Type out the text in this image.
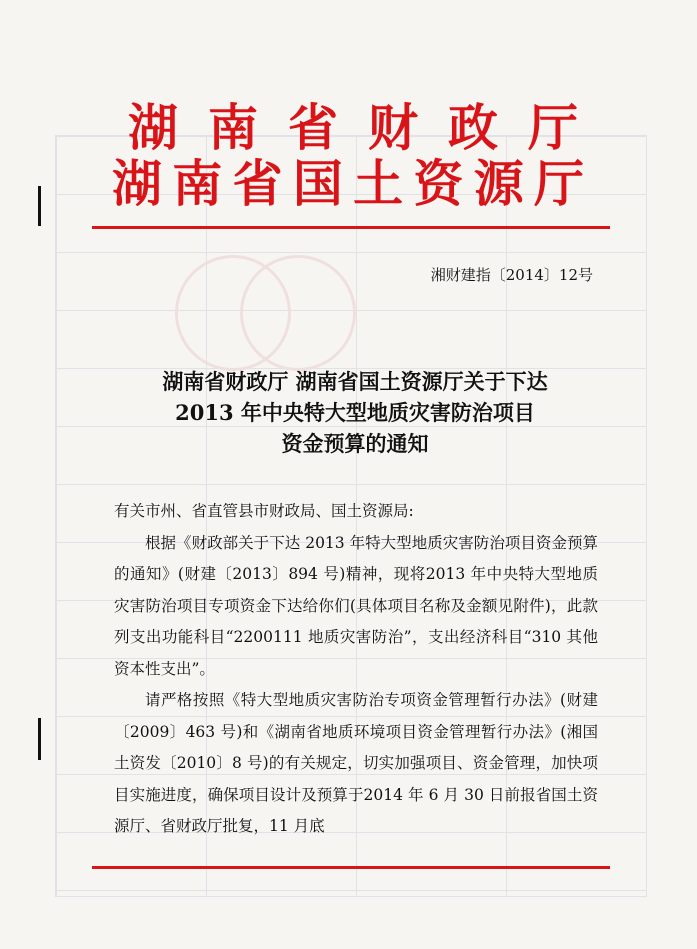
湖南省财政厅
湖南省国土资源厅
湘财建指〔2014〕12号
湖南省财政厅 湖南省国土资源厅关于下达
2013 年中央特大型地质灾害防治项目
资金预算的通知

有关市州、省直管县市财政局、国土资源局:

根据《财政部关于下达 2013 年特大型地质灾害防治项目资金预算的通知》(财建〔2013〕894 号)精神，现将2013 年中央特大型地质灾害防治项目专项资金下达给你们(具体项目名称及金额见附件)，此款列支出功能科目“2200111 地质灾害防治”，支出经济科目“310 其他资本性支出”。

请严格按照《特大型地质灾害防治专项资金管理暂行办法》(财建〔2009〕463 号)和《湖南省地质环境项目资金管理暂行办法》(湘国土资发〔2010〕8 号)的有关规定，切实加强项目、资金管理，加快项目实施进度，确保项目设计及预算于2014 年 6 月 30 日前报省国土资源厅、省财政厅批复，11 月底
